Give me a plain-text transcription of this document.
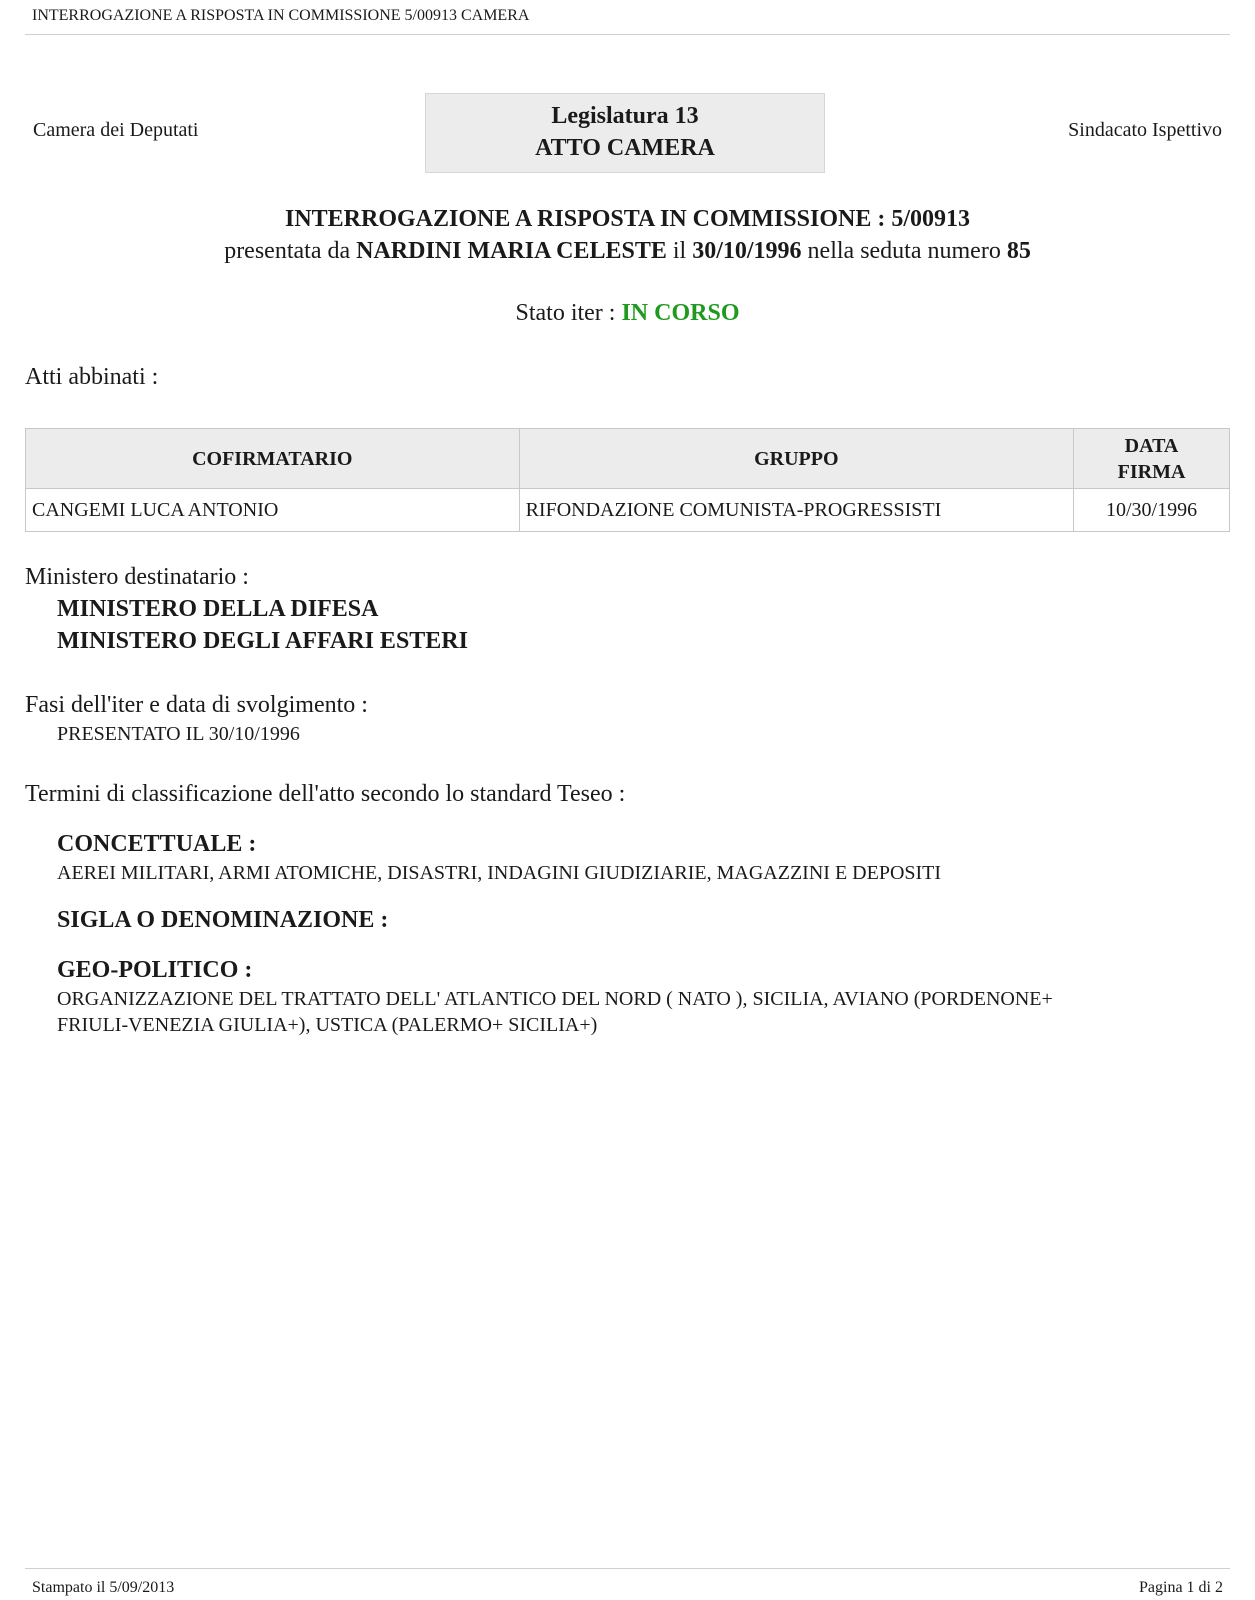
INTERROGAZIONE A RISPOSTA IN COMMISSIONE 5/00913 CAMERA
Camera dei Deputati
Legislatura 13
ATTO CAMERA
Sindacato Ispettivo
INTERROGAZIONE A RISPOSTA IN COMMISSIONE : 5/00913
presentata da NARDINI MARIA CELESTE il 30/10/1996 nella seduta numero 85
Stato iter : IN CORSO
Atti abbinati :
COFIRMATARIO	GRUPPO	DATA
FIRMA

CANGEMI LUCA ANTONIO	RIFONDAZIONE COMUNISTA-PROGRESSISTI	10/30/1996
Ministero destinatario :
MINISTERO DELLA DIFESA
MINISTERO DEGLI AFFARI ESTERI
Fasi dell'iter e data di svolgimento :
PRESENTATO IL 30/10/1996
Termini di classificazione dell'atto secondo lo standard Teseo :
CONCETTUALE :
AEREI MILITARI, ARMI ATOMICHE, DISASTRI, INDAGINI GIUDIZIARIE, MAGAZZINI E DEPOSITI
SIGLA O DENOMINAZIONE :
GEO-POLITICO :
ORGANIZZAZIONE DEL TRATTATO DELL' ATLANTICO DEL NORD ( NATO ), SICILIA, AVIANO (PORDENONE+
FRIULI-VENEZIA GIULIA+), USTICA (PALERMO+ SICILIA+)
Stampato il 5/09/2013	Pagina 1 di 2
